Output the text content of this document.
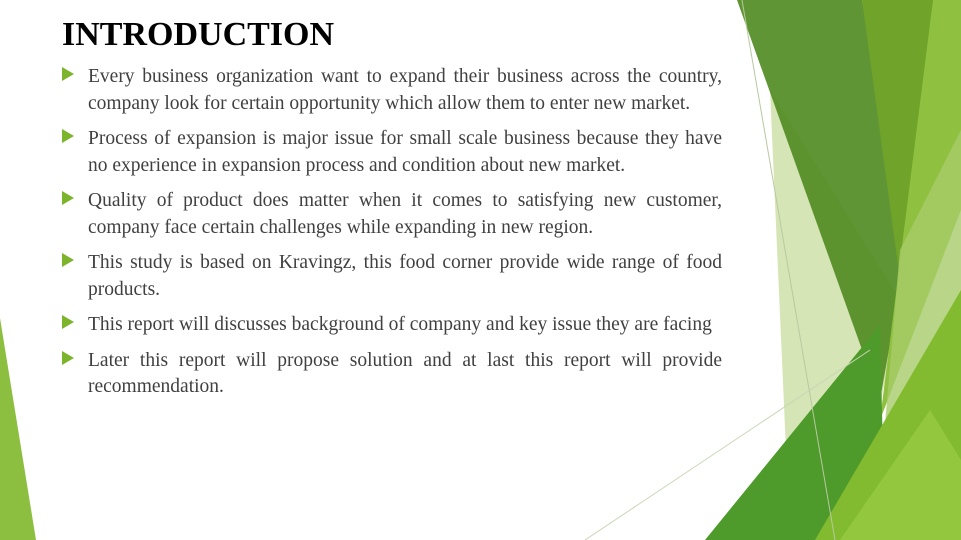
INTRODUCTION
Every business organization want to expand their business across the country, company look for certain opportunity which allow them to enter new market.
Process of expansion is major issue for small scale business because they have no experience in expansion process and condition about new market.
Quality of product does matter when it comes to satisfying new customer, company face certain challenges while expanding in new region.
This study is based on Kravingz, this food corner provide wide range of food products.
This report will discusses background of company and key issue they are facing
Later this report will propose solution and at last this report will provide recommendation.
